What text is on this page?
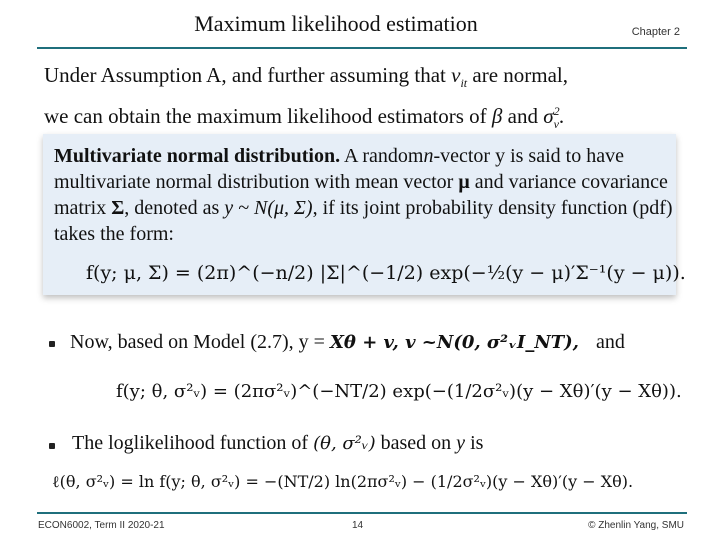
Maximum likelihood estimation	Chapter 2
Under Assumption A, and further assuming that $v_{it}$ are normal,
we can obtain the maximum likelihood estimators of β and $\sigma^2_v$.
Multivariate normal distribution. A randomn-vector y is said to have multivariate normal distribution with mean vector μ and variance covariance matrix Σ, denoted as y ~ N(μ, Σ), if its joint probability density function (pdf) takes the form:
f(y; μ, Σ) = (2π)^(−n/2) |Σ|^(−1/2) exp(−½(y − μ)′Σ⁻¹(y − μ)).
Now, based on Model (2.7), y = Xθ + v, v ~N(0, σ²ᵥI_NT), and
f(y; θ, σ²ᵥ) = (2πσ²ᵥ)^(−NT/2) exp(−(1/2σ²ᵥ)(y − Xθ)′(y − Xθ)).
The loglikelihood function of (θ, σ²ᵥ) based on y is
ℓ(θ, σ²ᵥ) = ln f(y; θ, σ²ᵥ) = −(NT/2) ln(2πσ²ᵥ) − (1/2σ²ᵥ)(y − Xθ)′(y − Xθ).
ECON6002, Term II 2020-21	14	© Zhenlin Yang, SMU
